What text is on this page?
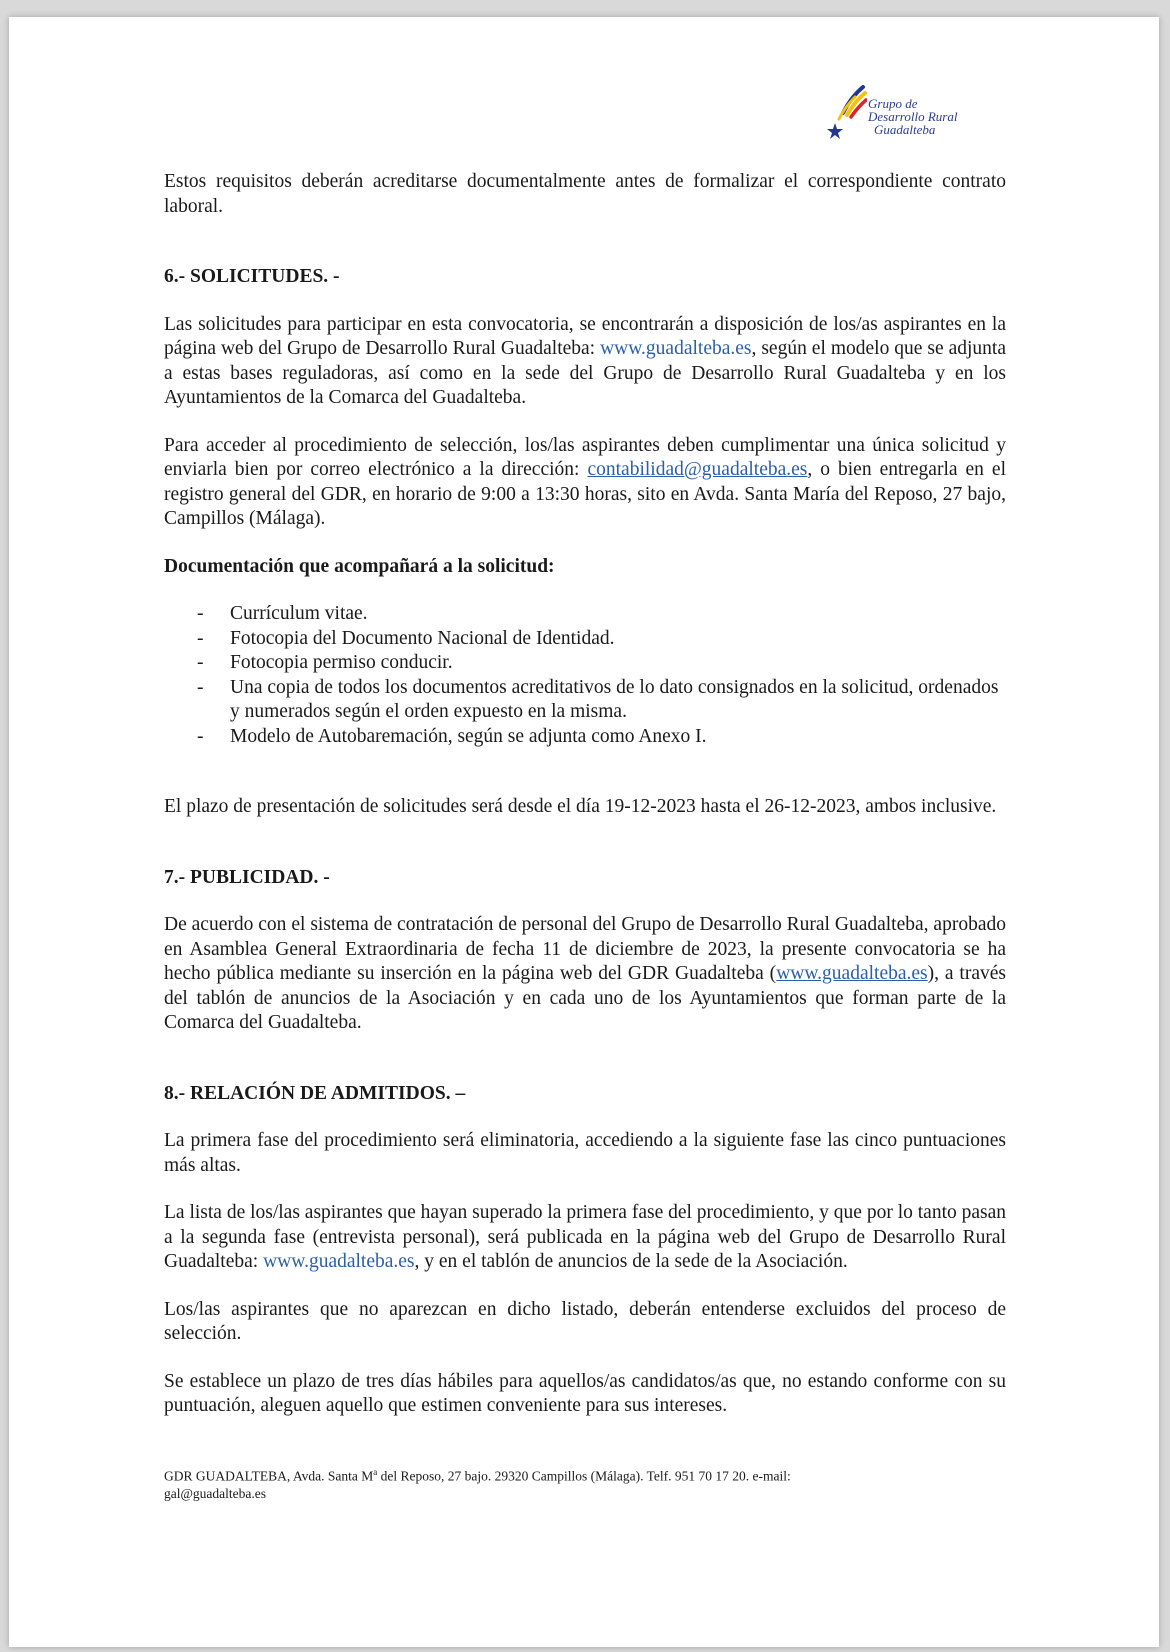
Grupo de
Desarrollo Rural
Guadalteba

Estos requisitos deberán acreditarse documentalmente antes de formalizar el correspondiente contrato laboral.

6.- SOLICITUDES. -

Las solicitudes para participar en esta convocatoria, se encontrarán a disposición de los/as aspirantes en la página web del Grupo de Desarrollo Rural Guadalteba: www.guadalteba.es, según el modelo que se adjunta a estas bases reguladoras, así como en la sede del Grupo de Desarrollo Rural Guadalteba y en los Ayuntamientos de la Comarca del Guadalteba.

Para acceder al procedimiento de selección, los/las aspirantes deben cumplimentar una única solicitud y enviarla bien por correo electrónico a la dirección: contabilidad@guadalteba.es, o bien entregarla en el registro general del GDR, en horario de 9:00 a 13:30 horas, sito en Avda. Santa María del Reposo, 27 bajo, Campillos (Málaga).

Documentación que acompañará a la solicitud:
- Currículum vitae.
- Fotocopia del Documento Nacional de Identidad.
- Fotocopia permiso conducir.
- Una copia de todos los documentos acreditativos de lo dato consignados en la solicitud, ordenados y numerados según el orden expuesto en la misma.
- Modelo de Autobaremación, según se adjunta como Anexo I.

El plazo de presentación de solicitudes será desde el día 19-12-2023 hasta el 26-12-2023, ambos inclusive.

7.- PUBLICIDAD. -

De acuerdo con el sistema de contratación de personal del Grupo de Desarrollo Rural Guadalteba, aprobado en Asamblea General Extraordinaria de fecha 11 de diciembre de 2023, la presente convocatoria se ha hecho pública mediante su inserción en la página web del GDR Guadalteba (www.guadalteba.es), a través del tablón de anuncios de la Asociación y en cada uno de los Ayuntamientos que forman parte de la Comarca del Guadalteba.

8.- RELACIÓN DE ADMITIDOS. –

La primera fase del procedimiento será eliminatoria, accediendo a la siguiente fase las cinco puntuaciones más altas.

La lista de los/las aspirantes que hayan superado la primera fase del procedimiento, y que por lo tanto pasan a la segunda fase (entrevista personal), será publicada en la página web del Grupo de Desarrollo Rural Guadalteba: www.guadalteba.es, y en el tablón de anuncios de la sede de la Asociación.

Los/las aspirantes que no aparezcan en dicho listado, deberán entenderse excluidos del proceso de selección.

Se establece un plazo de tres días hábiles para aquellos/as candidatos/as que, no estando conforme con su puntuación, aleguen aquello que estimen conveniente para sus intereses.

GDR GUADALTEBA, Avda. Santa $M^a$ del Reposo, 27 bajo. 29320 Campillos (Málaga). Telf. 951 70 17 20. e-mail:
gal@guadalteba.es
